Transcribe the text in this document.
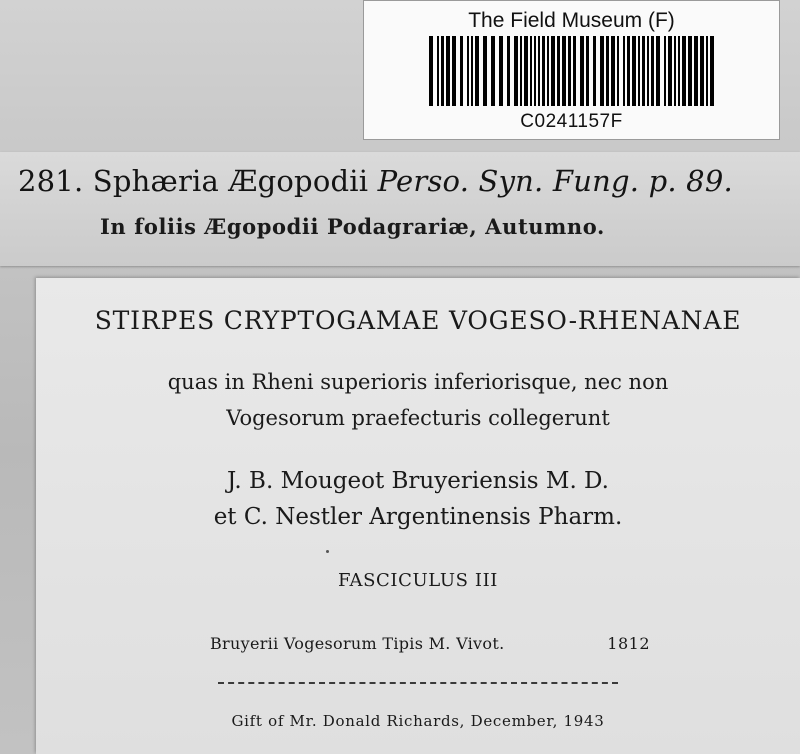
The Field Museum (F)
C0241157F
281. Sphæria Ægopodii Perso. Syn. Fung. p. 89.
In foliis Ægopodii Podagrariæ, Autumno.
STIRPES CRYPTOGAMAE VOGESO-RHENANAE
quas in Rheni superioris inferiorisque, nec non
Vogesorum praefecturis collegerunt
J. B. Mougeot Bruyeriensis M. D.
et C. Nestler Argentinensis Pharm.
FASCICULUS III
Bruyerii Vogesorum Tipis M. Vivot.	1812
Gift of Mr. Donald Richards, December, 1943
